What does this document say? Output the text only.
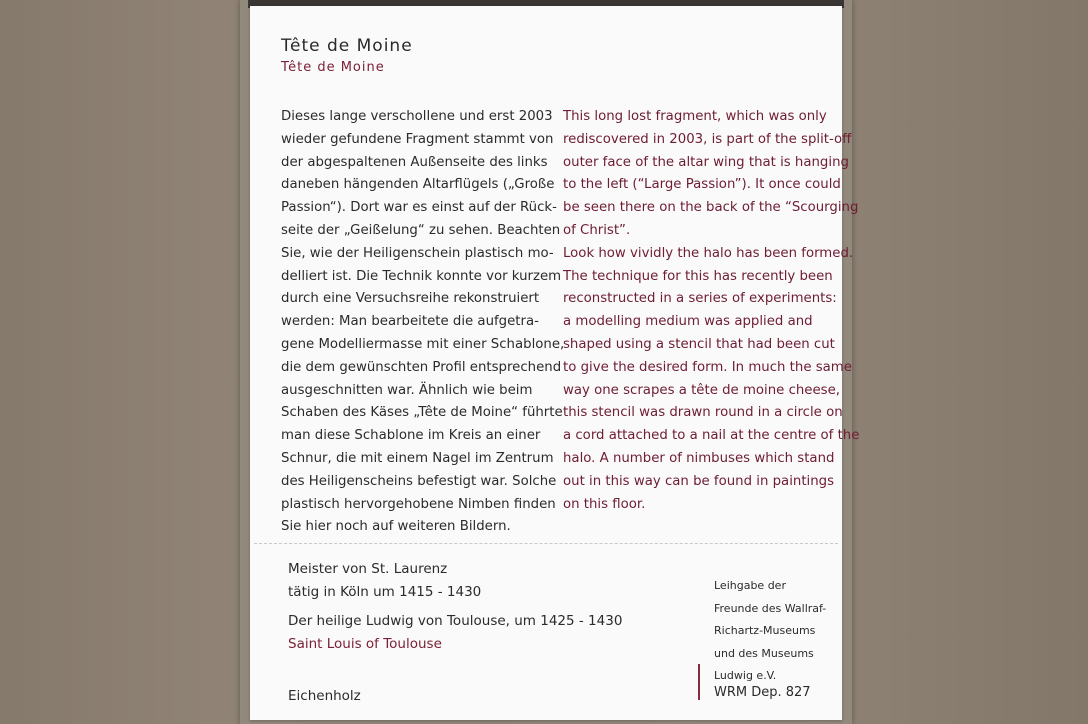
Tête de Moine
Tête de Moine
Dieses lange verschollene und erst 2003
wieder gefundene Fragment stammt von
der abgespaltenen Außenseite des links
daneben hängenden Altarflügels („Große
Passion“). Dort war es einst auf der Rück-
seite der „Geißelung“ zu sehen. Beachten
Sie, wie der Heiligenschein plastisch mo-
delliert ist. Die Technik konnte vor kurzem
durch eine Versuchsreihe rekonstruiert
werden: Man bearbeitete die aufgetra-
gene Modelliermasse mit einer Schablone,
die dem gewünschten Profil entsprechend
ausgeschnitten war. Ähnlich wie beim
Schaben des Käses „Tête de Moine“ führte
man diese Schablone im Kreis an einer
Schnur, die mit einem Nagel im Zentrum
des Heiligenscheins befestigt war. Solche
plastisch hervorgehobene Nimben finden
Sie hier noch auf weiteren Bildern.
This long lost fragment, which was only
rediscovered in 2003, is part of the split-off
outer face of the altar wing that is hanging
to the left (“Large Passion”). It once could
be seen there on the back of the “Scourging
of Christ”.
Look how vividly the halo has been formed.
The technique for this has recently been
reconstructed in a series of experiments:
a modelling medium was applied and
shaped using a stencil that had been cut
to give the desired form. In much the same
way one scrapes a tête de moine cheese,
this stencil was drawn round in a circle on
a cord attached to a nail at the centre of the
halo. A number of nimbuses which stand
out in this way can be found in paintings
on this floor.
Meister von St. Laurenz
tätig in Köln um 1415 - 1430
Der heilige Ludwig von Toulouse, um 1425 - 1430
Saint Louis of Toulouse
Eichenholz
Leihgabe der
Freunde des Wallraf-
Richartz-Museums
und des Museums
Ludwig e.V.
WRM Dep. 827
